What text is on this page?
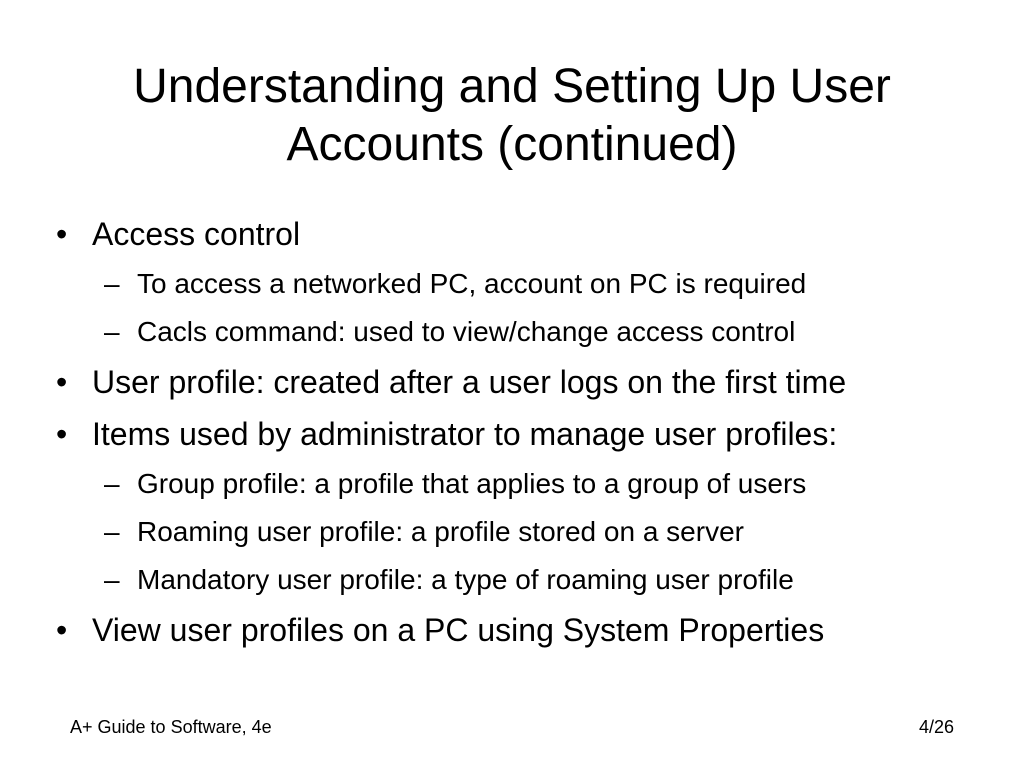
Understanding and Setting Up User
Accounts (continued)
• Access control
– To access a networked PC, account on PC is required
– Cacls command: used to view/change access control
• User profile: created after a user logs on the first time
• Items used by administrator to manage user profiles:
– Group profile: a profile that applies to a group of users
– Roaming user profile: a profile stored on a server
– Mandatory user profile: a type of roaming user profile
• View user profiles on a PC using System Properties
A+ Guide to Software, 4e	4/26
